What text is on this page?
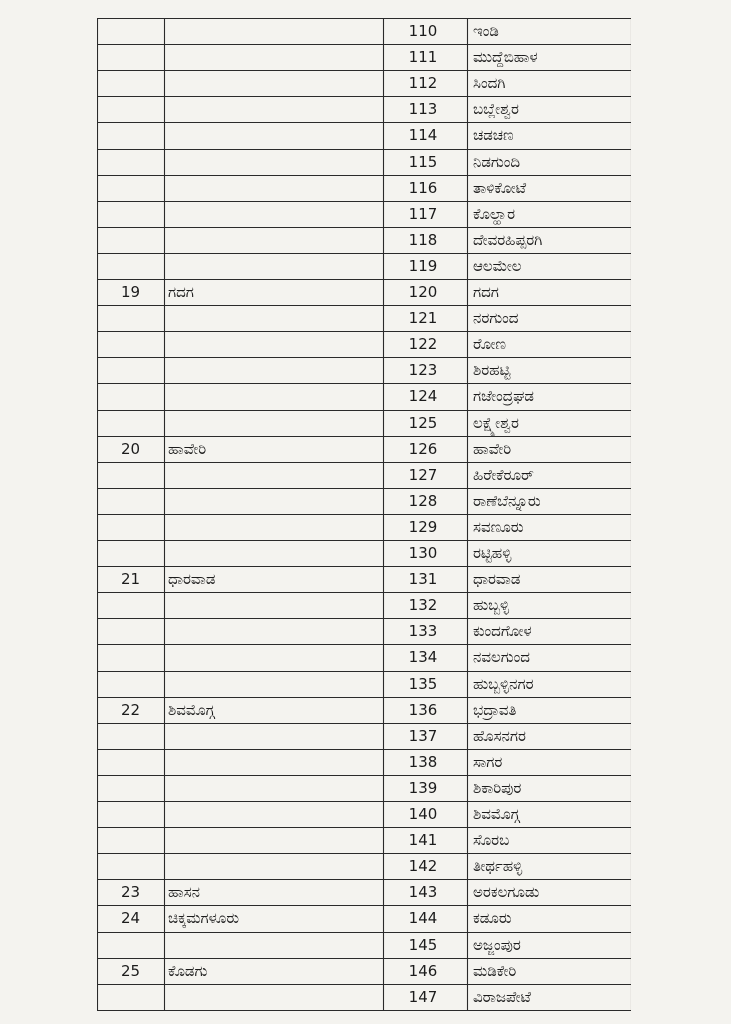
110	ಇಂಡಿ
111	ಮುದ್ದೆಬಿಹಾಳ
112	ಸಿಂದಗಿ
113	ಬಬ್ಲೇಶ್ವರ
114	ಚಡಚಣ
115	ನಿಡಗುಂದಿ
116	ತಾಳಿಕೋಟೆ
117	ಕೊಲ್ಹಾರ
118	ದೇವರಹಿಪ್ಪರಗಿ
119	ಆಲಮೇಲ
19	ಗದಗ	120	ಗದಗ
121	ನರಗುಂದ
122	ರೋಣ
123	ಶಿರಹಟ್ಟಿ
124	ಗಜೇಂದ್ರಘಡ
125	ಲಕ್ಷ್ಮೇಶ್ವರ
20	ಹಾವೇರಿ	126	ಹಾವೇರಿ
127	ಹಿರೇಕೆರೂರ್
128	ರಾಣೆಬೆನ್ನೂರು
129	ಸವಣೂರು
130	ರಟ್ಟಿಹಳ್ಳಿ
21	ಧಾರವಾಡ	131	ಧಾರವಾಡ
132	ಹುಬ್ಬಳ್ಳಿ
133	ಕುಂದಗೋಳ
134	ನವಲಗುಂದ
135	ಹುಬ್ಬಳ್ಳಿನಗರ
22	ಶಿವಮೊಗ್ಗ	136	ಭದ್ರಾವತಿ
137	ಹೊಸನಗರ
138	ಸಾಗರ
139	ಶಿಕಾರಿಪುರ
140	ಶಿವಮೊಗ್ಗ
141	ಸೊರಬ
142	ತೀರ್ಥಹಳ್ಳಿ
23	ಹಾಸನ	143	ಅರಕಲಗೂಡು
24	ಚಿಕ್ಕಮಗಳೂರು	144	ಕಡೂರು
145	ಅಜ್ಜಂಪುರ
25	ಕೊಡಗು	146	ಮಡಿಕೇರಿ
147	ವಿರಾಜಪೇಟೆ
